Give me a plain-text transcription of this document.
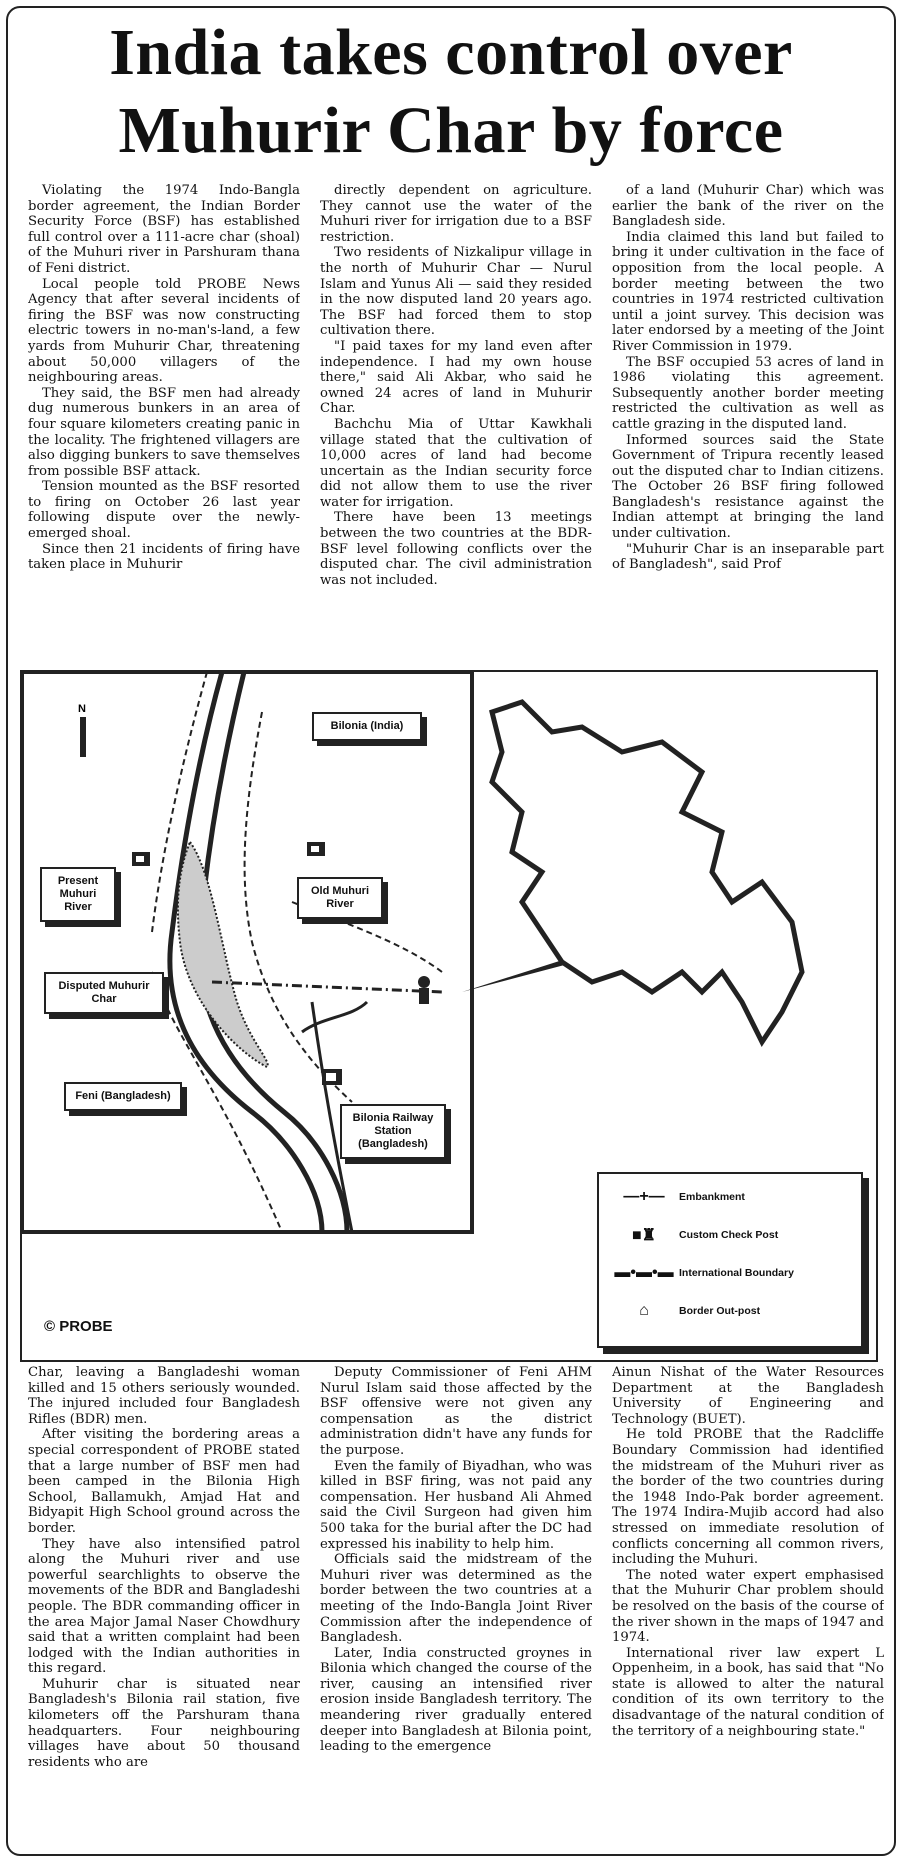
India takes control over
Muhurir Char by force

Violating the 1974 Indo-Bangla border agreement, the Indian Border Security Force (BSF) has established full control over a 111-acre char (shoal) of the Muhuri river in Parshuram thana of Feni district.

Local people told PROBE News Agency that after several incidents of firing the BSF was now constructing electric towers in no-man's-land, a few yards from Muhurir Char, threatening about 50,000 villagers of the neighbouring areas.

They said, the BSF men had already dug numerous bunkers in an area of four square kilometers creating panic in the locality. The frightened villagers are also digging bunkers to save themselves from possible BSF attack.

Tension mounted as the BSF resorted to firing on October 26 last year following dispute over the newly-emerged shoal.

Since then 21 incidents of firing have taken place in Muhurir

directly dependent on agriculture. They cannot use the water of the Muhuri river for irrigation due to a BSF restriction.

Two residents of Nizkalipur village in the north of Muhurir Char — Nurul Islam and Yunus Ali — said they resided in the now disputed land 20 years ago. The BSF had forced them to stop cultivation there.

"I paid taxes for my land even after independence. I had my own house there," said Ali Akbar, who said he owned 24 acres of land in Muhurir Char.

Bachchu Mia of Uttar Kawkhali village stated that the cultivation of 10,000 acres of land had become uncertain as the Indian security force did not allow them to use the river water for irrigation.

There have been 13 meetings between the two countries at the BDR-BSF level following conflicts over the disputed char. The civil administration was not included.

of a land (Muhurir Char) which was earlier the bank of the river on the Bangladesh side.

India claimed this land but failed to bring it under cultivation in the face of opposition from the local people. A border meeting between the two countries in 1974 restricted cultivation until a joint survey. This decision was later endorsed by a meeting of the Joint River Commission in 1979.

The BSF occupied 53 acres of land in 1986 violating this agreement. Subsequently another border meeting restricted the cultivation as well as cattle grazing in the disputed land.

Informed sources said the State Government of Tripura recently leased out the disputed char to Indian citizens. The October 26 BSF firing followed Bangladesh's resistance against the Indian attempt at bringing the land under cultivation.

"Muhurir Char is an inseparable part of Bangladesh", said Prof

N
Bilonia (India)
Present Muhuri River
Old Muhuri River
Disputed Muhurir Char
Feni (Bangladesh)
Bilonia Railway Station (Bangladesh)
—+—	Embankment
■♜	Custom Check Post
▬•▬•▬ International Boundary
⌂	Border Out-post
© PROBE

Char, leaving a Bangladeshi woman killed and 15 others seriously wounded. The injured included four Bangladesh Rifles (BDR) men.

After visiting the bordering areas a special correspondent of PROBE stated that a large number of BSF men had been camped in the Bilonia High School, Ballamukh, Amjad Hat and Bidyapit High School ground across the border.

They have also intensified patrol along the Muhuri river and use powerful searchlights to observe the movements of the BDR and Bangladeshi people. The BDR commanding officer in the area Major Jamal Naser Chowdhury said that a written complaint had been lodged with the Indian authorities in this regard.

Muhurir char is situated near Bangladesh's Bilonia rail station, five kilometers off the Parshuram thana headquarters. Four neighbouring villages have about 50 thousand residents who are

Deputy Commissioner of Feni AHM Nurul Islam said those affected by the BSF offensive were not given any compensation as the district administration didn't have any funds for the purpose.

Even the family of Biyadhan, who was killed in BSF firing, was not paid any compensation. Her husband Ali Ahmed said the Civil Surgeon had given him 500 taka for the burial after the DC had expressed his inability to help him.

Officials said the midstream of the Muhuri river was determined as the border between the two countries at a meeting of the Indo-Bangla Joint River Commission after the independence of Bangladesh.

Later, India constructed groynes in Bilonia which changed the course of the river, causing an intensified river erosion inside Bangladesh territory. The meandering river gradually entered deeper into Bangladesh at Bilonia point, leading to the emergence

Ainun Nishat of the Water Resources Department at the Bangladesh University of Engineering and Technology (BUET).

He told PROBE that the Radcliffe Boundary Commission had identified the midstream of the Muhuri river as the border of the two countries during the 1948 Indo-Pak border agreement. The 1974 Indira-Mujib accord had also stressed on immediate resolution of conflicts concerning all common rivers, including the Muhuri.

The noted water expert emphasised that the Muhurir Char problem should be resolved on the basis of the course of the river shown in the maps of 1947 and 1974.

International river law expert L Oppenheim, in a book, has said that "No state is allowed to alter the natural condition of its own territory to the disadvantage of the natural condition of the territory of a neighbouring state."
